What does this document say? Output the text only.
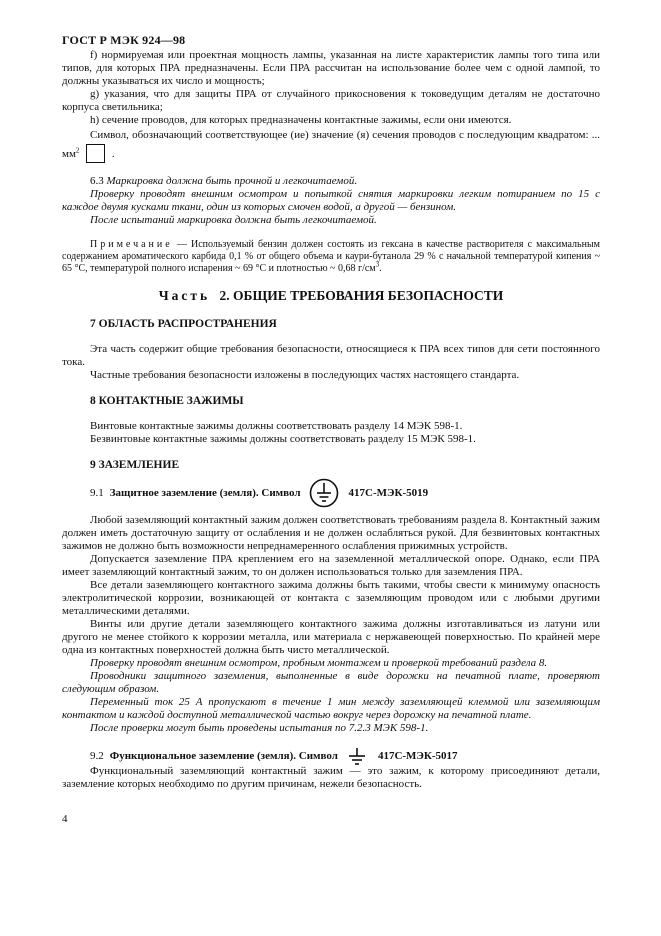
ГОСТ Р МЭК 924—98

f) нормируемая или проектная мощность лампы, указанная на листе характеристик лампы того типа или типов, для которых ПРА предназначены. Если ПРА рассчитан на использование более чем с одной лампой, то должны указываться их число и мощность;

g) указания, что для защиты ПРА от случайного прикосновения к токоведущим деталям не достаточно корпуса светильника;

h) сечение проводов, для которых предназначены контактные зажимы, если они имеются.

Символ, обозначающий соответствующее (ие) значение (я) сечения проводов с последующим квадратом: ... $мм^2$	.

6.3 Маркировка должна быть прочной и легкочитаемой.

Проверку проводят внешним осмотром и попыткой снятия маркировки легким потиранием по 15 с каждое двумя кусками ткани, один из которых смочен водой, а другой — бензином.

После испытаний маркировка должна быть легкочитаемой.

Примечание — Используемый бензин должен состоять из гексана в качестве растворителя с максимальным содержанием ароматического карбида 0,1 % от общего объема и каури-бутанола 29 % с начальной температурой кипения ~ 65 °С, температурой полного испарения ~ 69 °С и плотностью ~ 0,68 $г/см^3$.

Часть 2. ОБЩИЕ ТРЕБОВАНИЯ БЕЗОПАСНОСТИ
7 ОБЛАСТЬ РАСПРОСТРАНЕНИЯ

Эта часть содержит общие требования безопасности, относящиеся к ПРА всех типов для сети постоянного тока.

Частные требования безопасности изложены в последующих частях настоящего стандарта.

8 КОНТАКТНЫЕ ЗАЖИМЫ

Винтовые контактные зажимы должны соответствовать разделу 14 МЭК 598-1.

Безвинтовые контактные зажимы должны соответствовать разделу 15 МЭК 598-1.

9 ЗАЗЕМЛЕНИЕ
9.1 Защитное заземление (земля). Символ	417С-МЭК-5019

Любой заземляющий контактный зажим должен соответствовать требованиям раздела 8. Контактный зажим должен иметь достаточную защиту от ослабления и не должен ослабляться рукой. Для безвинтовых контактных зажимов не должно быть возможности непреднамеренного ослабления прижимных устройств.

Допускается заземление ПРА креплением его на заземленной металлической опоре. Однако, если ПРА имеет заземляющий контактный зажим, то он должен использоваться только для заземления ПРА.

Все детали заземляющего контактного зажима должны быть такими, чтобы свести к минимуму опасность электролитической коррозии, возникающей от контакта с заземляющим проводом или с любыми другими металлическими деталями.

Винты или другие детали заземляющего контактного зажима должны изготавливаться из латуни или другого не менее стойкого к коррозии металла, или материала с нержавеющей поверхностью. По крайней мере одна из контактных поверхностей должна быть чисто металлической.

Проверку проводят внешним осмотром, пробным монтажем и проверкой требований раздела 8.

Проводники защитного заземления, выполненные в виде дорожки на печатной плате, проверяют следующим образом.

Переменный ток 25 А пропускают в течение 1 мин между заземляющей клеммой или заземляющим контактом и каждой доступной металлической частью вокруг через дорожку на печатной плате.

После проверки могут быть проведены испытания по 7.2.3 МЭК 598-1.

9.2 Функциональное заземление (земля). Символ	417С-МЭК-5017

Функциональный заземляющий контактный зажим — это зажим, к которому присоединяют детали, заземление которых необходимо по другим причинам, нежели безопасность.

4
